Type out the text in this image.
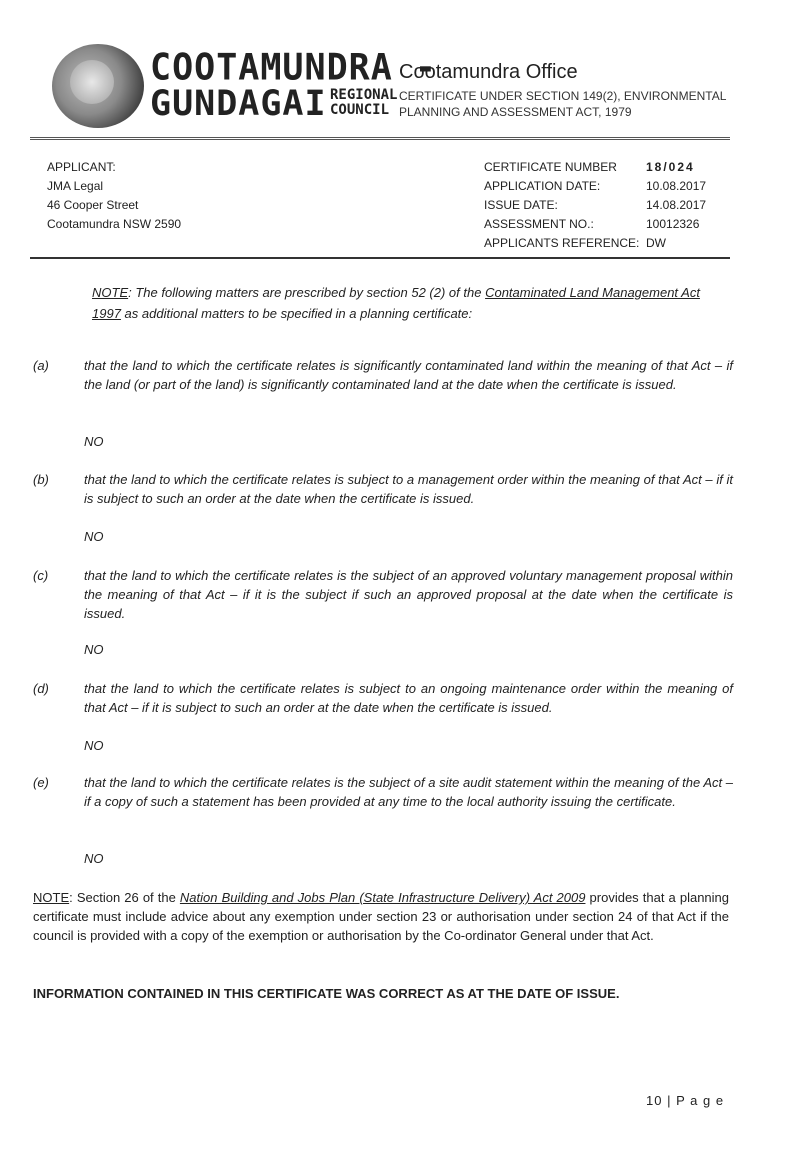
COOTAMUNDRA -
GUNDAGAI REGIONAL
COUNCIL
Cootamundra Office
CERTIFICATE UNDER SECTION 149(2), ENVIRONMENTAL
PLANNING AND ASSESSMENT ACT, 1979
APPLICANT:
JMA Legal
46 Cooper Street
Cootamundra NSW 2590
CERTIFICATE NUMBER	18/024
APPLICATION DATE:	10.08.2017
ISSUE DATE:	14.08.2017
ASSESSMENT NO.:	10012326
APPLICANTS REFERENCE: DW
NOTE: The following matters are prescribed by section 52 (2) of the Contaminated Land Management Act 1997 as additional matters to be specified in a planning certificate:
(a)	that the land to which the certificate relates is significantly contaminated land within the meaning of that Act – if the land (or part of the land) is significantly contaminated land at the date when the certificate is issued.
NO
(b)	that the land to which the certificate relates is subject to a management order within the meaning of that Act – if it is subject to such an order at the date when the certificate is issued.
NO
(c)	that the land to which the certificate relates is the subject of an approved voluntary management proposal within the meaning of that Act – if it is the subject if such an approved proposal at the date when the certificate is issued.
NO
(d)	that the land to which the certificate relates is subject to an ongoing maintenance order within the meaning of that Act – if it is subject to such an order at the date when the certificate is issued.
NO
(e)	that the land to which the certificate relates is the subject of a site audit statement within the meaning of the Act – if a copy of such a statement has been provided at any time to the local authority issuing the certificate.
NO
NOTE: Section 26 of the Nation Building and Jobs Plan (State Infrastructure Delivery) Act 2009 provides that a planning certificate must include advice about any exemption under section 23 or authorisation under section 24 of that Act if the council is provided with a copy of the exemption or authorisation by the Co-ordinator General under that Act.
INFORMATION CONTAINED IN THIS CERTIFICATE WAS CORRECT AS AT THE DATE OF ISSUE.
10 | P a g e
